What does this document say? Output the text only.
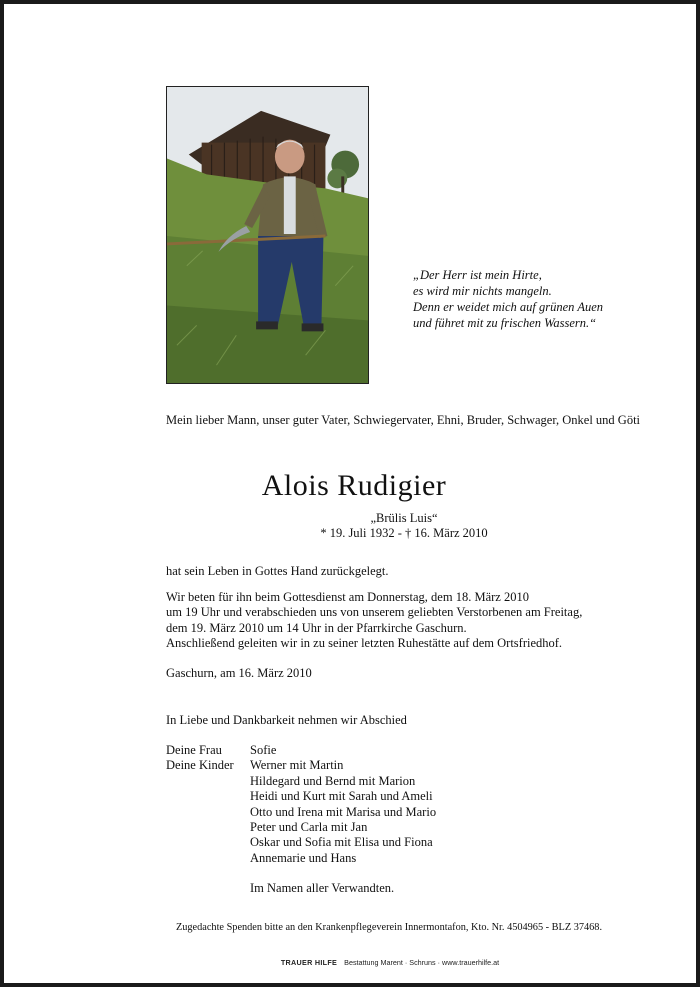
„Der Herr ist mein Hirte,
es wird mir nichts mangeln.
Denn er weidet mich auf grünen Auen
und führet mit zu frischen Wassern.“
Mein lieber Mann, unser guter Vater, Schwiegervater, Ehni, Bruder, Schwager, Onkel und Göti
Alois Rudigier
„Brülis Luis“
* 19. Juli 1932 - † 16. März 2010
hat sein Leben in Gottes Hand zurückgelegt.
Wir beten für ihn beim Gottesdienst am Donnerstag, dem 18. März 2010
um 19 Uhr und verabschieden uns von unserem geliebten Verstorbenen am Freitag,
dem 19. März 2010 um 14 Uhr in der Pfarrkirche Gaschurn.
Anschließend geleiten wir in zu seiner letzten Ruhestätte auf dem Ortsfriedhof.
Gaschurn, am 16. März 2010
In Liebe und Dankbarkeit nehmen wir Abschied
Deine Frau	Sofie
Deine Kinder	Werner mit Martin
Hildegard und Bernd mit Marion
Heidi und Kurt mit Sarah und Ameli
Otto und Irena mit Marisa und Mario
Peter und Carla mit Jan
Oskar und Sofia mit Elisa und Fiona
Annemarie und Hans
Im Namen aller Verwandten.
Zugedachte Spenden bitte an den Krankenpflegeverein Innermontafon, Kto. Nr. 4504965 - BLZ 37468.
TRAUER HILFE Bestattung Marent · Schruns · www.trauerhilfe.at
